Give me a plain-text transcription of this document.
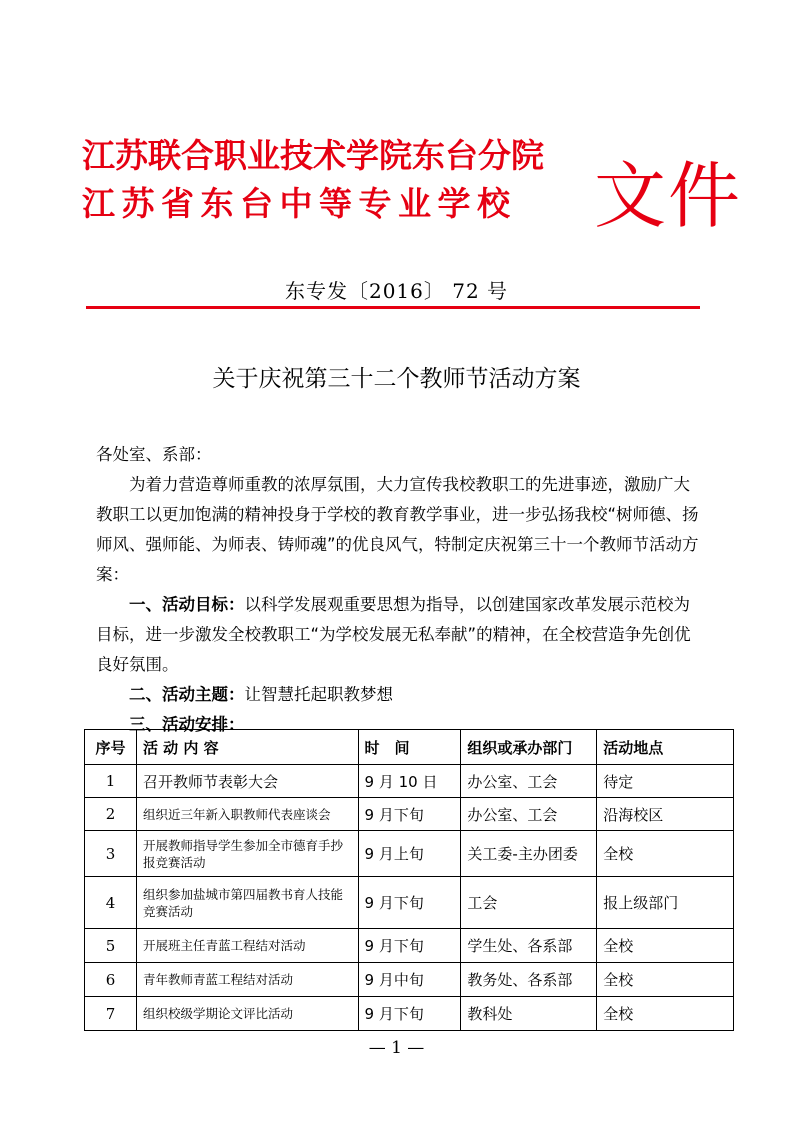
江苏联合职业技术学院东台分院
江苏省东台中等专业学校 文件
东专发〔2016〕 72 号
关于庆祝第三十二个教师节活动方案

各处室、系部：

为着力营造尊师重教的浓厚氛围，大力宣传我校教职工的先进事迹，激励广大教职工以更加饱满的精神投身于学校的教育教学事业，进一步弘扬我校“树师德、扬师风、强师能、为师表、铸师魂”的优良风气，特制定庆祝第三十一个教师节活动方案：

一、活动目标：以科学发展观重要思想为指导，以创建国家改革发展示范校为目标，进一步激发全校教职工“为学校发展无私奉献”的精神，在全校营造争先创优良好氛围。

二、活动主题：让智慧托起职教梦想

三、活动安排：

序号	活 动 内 容	时　间	组织或承办部门	活动地点
1	召开教师节表彰大会	9 月 10 日	办公室、工会	待定
2	组织近三年新入职教师代表座谈会	9 月下旬	办公室、工会	沿海校区
3	开展教师指导学生参加全市德育手抄报竞赛活动	9 月上旬	关工委-主办团委	全校
4	组织参加盐城市第四届教书育人技能竞赛活动	9 月下旬	工会	报上级部门
5	开展班主任青蓝工程结对活动	9 月下旬	学生处、各系部	全校
6	青年教师青蓝工程结对活动	9 月中旬	教务处、各系部	全校
7	组织校级学期论文评比活动	9 月下旬	教科处	全校
— 1 —
